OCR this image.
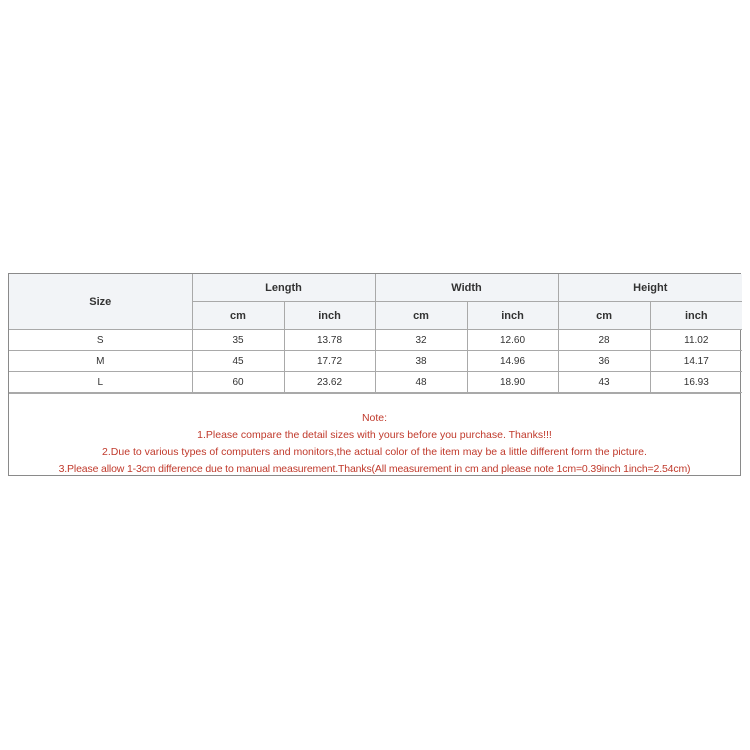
Size	Length		Width		Height	
	cm	inch	cm	inch	cm	inch
S	35	13.78	32	12.60	28	11.02
M	45	17.72	38	14.96	36	14.17
L	60	23.62	48	18.90	43	16.93
Note:
1.Please compare the detail sizes with yours before you purchase. Thanks!!!
2.Due to various types of computers and monitors,the actual color of the item may be a little different form the picture.
3.Please allow 1-3cm difference due to manual measurement.Thanks(All measurement in cm and please note 1cm=0.39inch 1inch=2.54cm)
